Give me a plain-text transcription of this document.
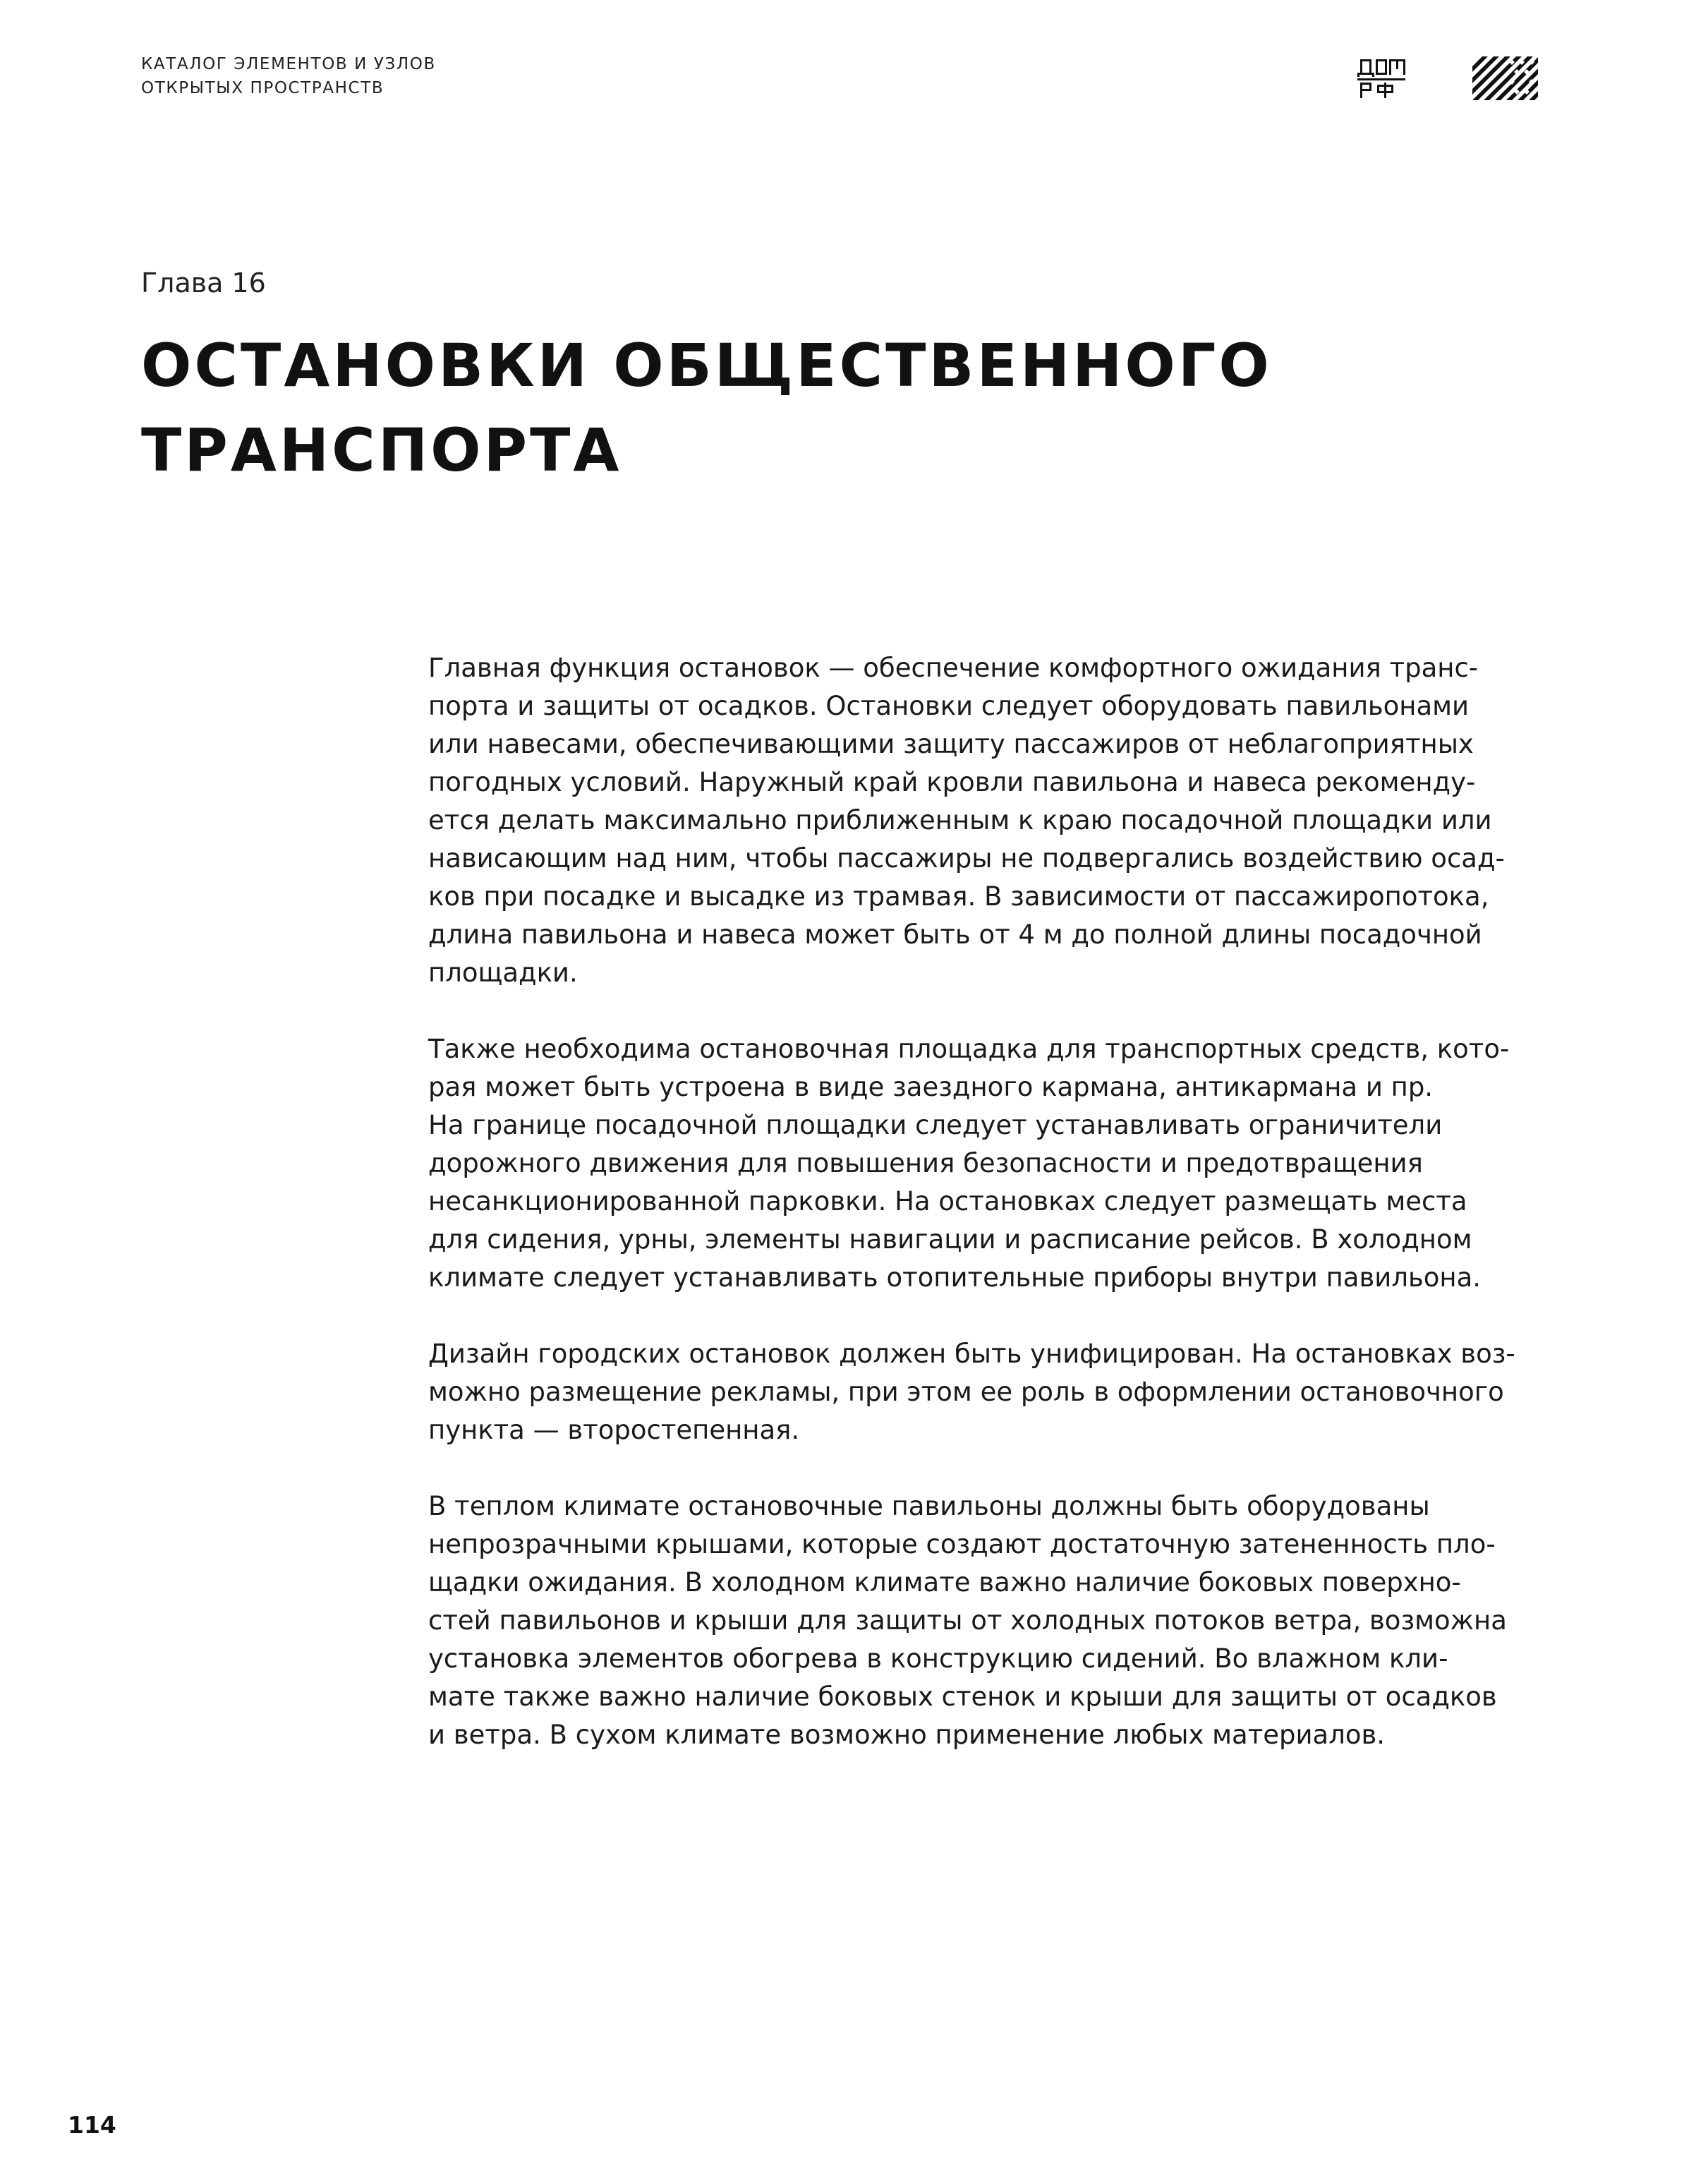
КАТАЛОГ ЭЛЕМЕНТОВ И УЗЛОВ
ОТКРЫТЫХ ПРОСТРАНСТВ
Глава 16
ОСТАНОВКИ ОБЩЕСТВЕННОГО
ТРАНСПОРТА
Главная функция остановок — обеспечение комфортного ожидания транс-
порта и защиты от осадков. Остановки следует оборудовать павильонами
или навесами, обеспечивающими защиту пассажиров от неблагоприятных
погодных условий. Наружный край кровли павильона и навеса рекоменду-
ется делать максимально приближенным к краю посадочной площадки или
нависающим над ним, чтобы пассажиры не подвергались воздействию осад-
ков при посадке и высадке из трамвая. В зависимости от пассажиропотока,
длина павильона и навеса может быть от 4 м до полной длины посадочной
площадки.
Также необходима остановочная площадка для транспортных средств, кото-
рая может быть устроена в виде заездного кармана, антикармана и пр.
На границе посадочной площадки следует устанавливать ограничители
дорожного движения для повышения безопасности и предотвращения
несанкционированной парковки. На остановках следует размещать места
для сидения, урны, элементы навигации и расписание рейсов. В холодном
климате следует устанавливать отопительные приборы внутри павильона.
Дизайн городских остановок должен быть унифицирован. На остановках воз-
можно размещение рекламы, при этом ее роль в оформлении остановочного
пункта — второстепенная.
В теплом климате остановочные павильоны должны быть оборудованы
непрозрачными крышами, которые создают достаточную затененность пло-
щадки ожидания. В холодном климате важно наличие боковых поверхно-
стей павильонов и крыши для защиты от холодных потоков ветра, возможна
установка элементов обогрева в конструкцию сидений. Во влажном кли-
мате также важно наличие боковых стенок и крыши для защиты от осадков
и ветра. В сухом климате возможно применение любых материалов.
114
